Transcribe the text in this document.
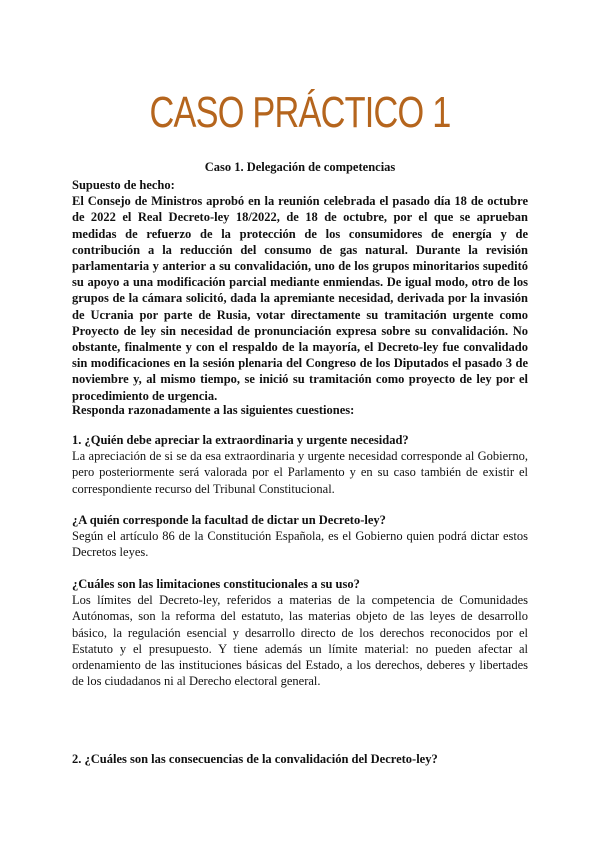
CASO PRÁCTICO 1
Caso 1. Delegación de competencias

Supuesto de hecho:

El Consejo de Ministros aprobó en la reunión celebrada el pasado día 18 de octubre de 2022 el Real Decreto-ley 18/2022, de 18 de octubre, por el que se aprueban medidas de refuerzo de la protección de los consumidores de energía y de contribución a la reducción del consumo de gas natural. Durante la revisión parlamentaria y anterior a su convalidación, uno de los grupos minoritarios supeditó su apoyo a una modificación parcial mediante enmiendas. De igual modo, otro de los grupos de la cámara solicitó, dada la apremiante necesidad, derivada por la invasión de Ucrania por parte de Rusia, votar directamente su tramitación urgente como Proyecto de ley sin necesidad de pronunciación expresa sobre su convalidación. No obstante, finalmente y con el respaldo de la mayoría, el Decreto-ley fue convalidado sin modificaciones en la sesión plenaria del Congreso de los Diputados el pasado 3 de noviembre y, al mismo tiempo, se inició su tramitación como proyecto de ley por el procedimiento de urgencia.

Responda razonadamente a las siguientes cuestiones:

1. ¿Quién debe apreciar la extraordinaria y urgente necesidad?

La apreciación de si se da esa extraordinaria y urgente necesidad corresponde al Gobierno, pero posteriormente será valorada por el Parlamento y en su caso también de existir el correspondiente recurso del Tribunal Constitucional.

¿A quién corresponde la facultad de dictar un Decreto-ley?

Según el artículo 86 de la Constitución Española, es el Gobierno quien podrá dictar estos Decretos leyes.

¿Cuáles son las limitaciones constitucionales a su uso?

Los límites del Decreto-ley, referidos a materias de la competencia de Comunidades Autónomas, son la reforma del estatuto, las materias objeto de las leyes de desarrollo básico, la regulación esencial y desarrollo directo de los derechos reconocidos por el Estatuto y el presupuesto. Y tiene además un límite material: no pueden afectar al ordenamiento de las instituciones básicas del Estado, a los derechos, deberes y libertades de los ciudadanos ni al Derecho electoral general.

2. ¿Cuáles son las consecuencias de la convalidación del Decreto-ley?
